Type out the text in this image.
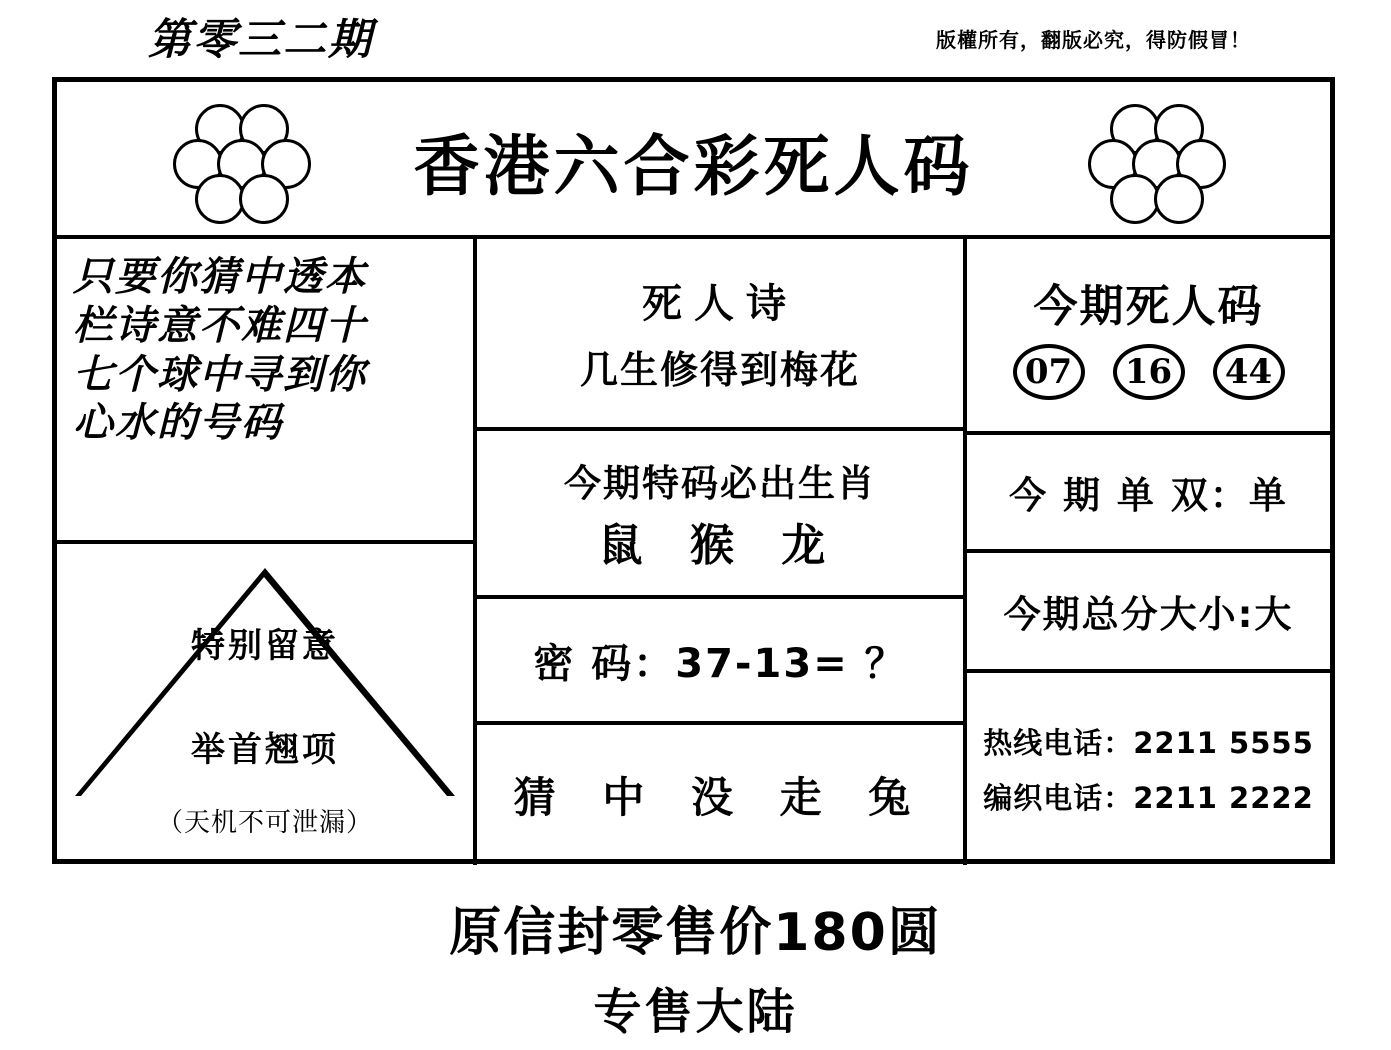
第零三二期	版權所有，翻版必究，得防假冒！
香港六合彩死人码
只要你猜中透本
栏诗意不难四十
七个球中寻到你
心水的号码
特别留意
举首翘项
（天机不可泄漏）
死人诗
几生修得到梅花
今期特码必出生肖
鼠 猴 龙
密 码：37-13= ？
猜 中 没 走 兔
今期死人码
07	16	44
今 期 单 双：单
今期总分大小:大
热线电话：2211 5555
编织电话：2211 2222
原信封零售价180圆
专售大陆
